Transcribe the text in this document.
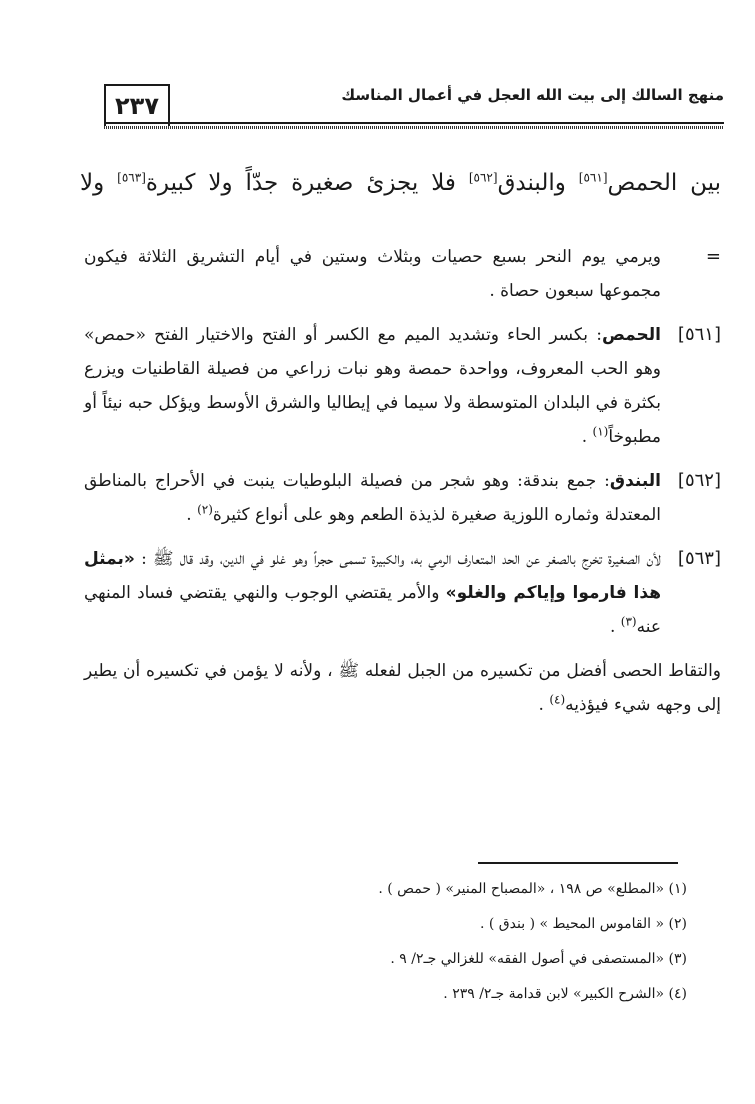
٢٣٧	منهج السالك إلى بيت الله العجل في أعمال المناسك
بين الحمص[٥٦١] والبندق[٥٦٢] فلا يجزئ صغيرة جدّاً ولا كبيرة[٥٦٣] ولا
=
ويرمي يوم النحر بسبع حصيات وبثلاث وستين في أيام التشريق الثلاثة فيكون مجموعها سبعون حصاة .
[٥٦١]
الحمص: بكسر الحاء وتشديد الميم مع الكسر أو الفتح والاختيار الفتح «حمص» وهو الحب المعروف، وواحدة حمصة وهو نبات زراعي من فصيلة القاطنيات ويزرع بكثرة في البلدان المتوسطة ولا سيما في إيطاليا والشرق الأوسط ويؤكل حبه نيئاً أو مطبوخاً$^{(١)}$ .
[٥٦٢]
البندق: جمع بندقة: وهو شجر من فصيلة البلوطيات ينبت في الأحراج بالمناطق المعتدلة وثماره اللوزية صغيرة لذيذة الطعم وهو على أنواع كثيرة$^{(٢)}$ .
[٥٦٣]
لأن الصغيرة تخرج بالصغر عن الحد المتعارف الرمي به، والكبيرة تسمى حجراً وهو غلو في الدين، وقد قال ﷺ : «بمثل هذا فارموا وإياكم والغلو» والأمر يقتضي الوجوب والنهي يقتضي فساد المنهي عنه$^{(٣)}$ .

والتقاط الحصى أفضل من تكسيره من الجبل لفعله ﷺ ، ولأنه لا يؤمن في تكسيره أن يطير إلى وجهه شيء فيؤذيه$^{(٤)}$ .

(١) «المطلع» ص ١٩٨ ، «المصباح المنير» ( حمص ) .
(٢) « القاموس المحيط » ( بندق ) .
(٣) «المستصفى في أصول الفقه» للغزالي جـ٢/ ٩ .
(٤) «الشرح الكبير» لابن قدامة جـ٢/ ٢٣٩ .
